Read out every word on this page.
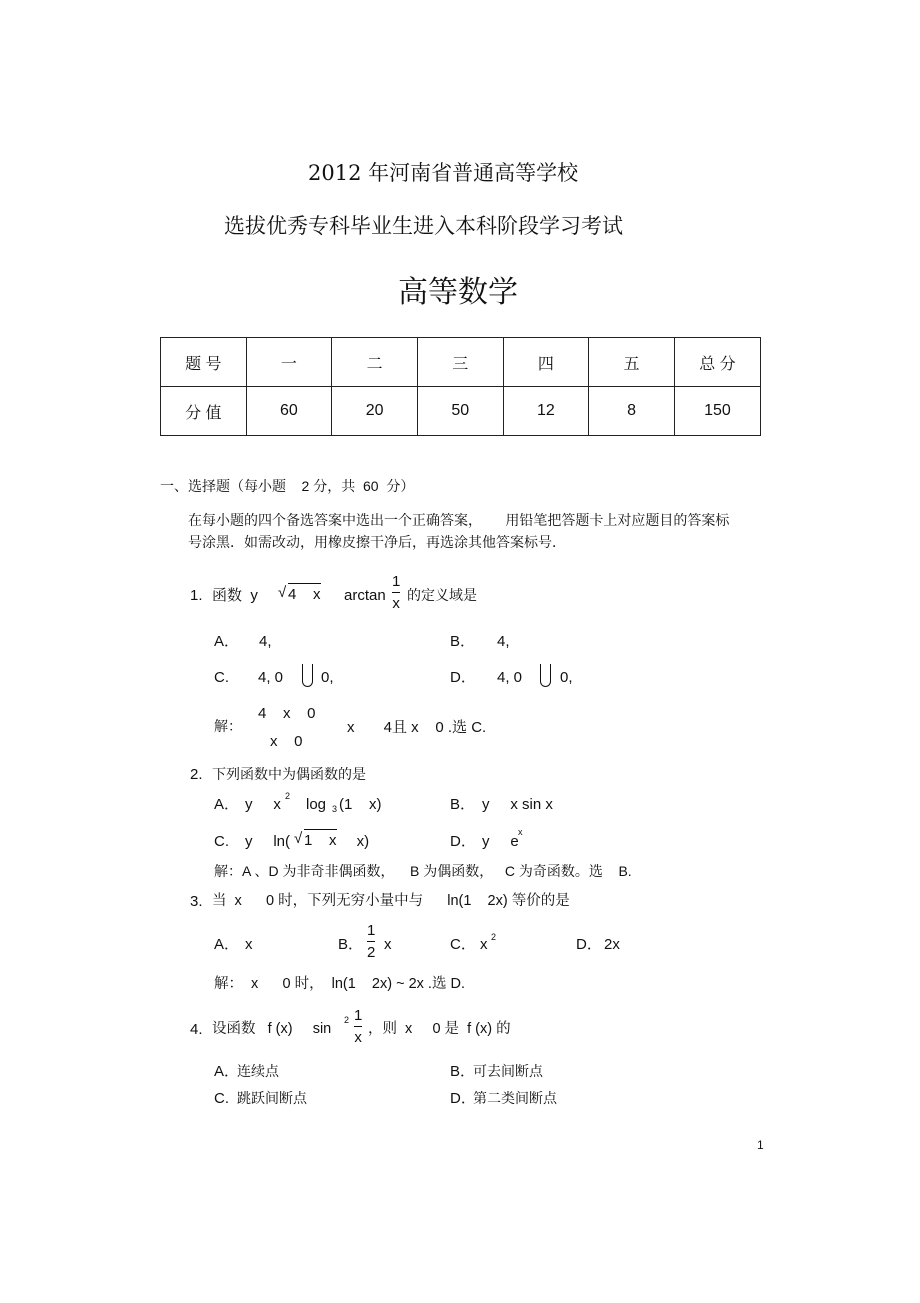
2012 年河南省普通高等学校
选拔优秀专科毕业生进入本科阶段学习考试
高等数学
题 号	一	二	三	四	五	总 分
分 值	60	20	50	12	8	150
一、选择题（每小题    2 分，共  60  分）
在每小题的四个备选答案中选出一个正确答案，      用铅笔把答题卡上对应题目的答案标
号涂黑．如需改动，用橡皮擦干净后，再选涂其他答案标号．
1. 函数  y √ 4    x arctan
1
x 的定义域是
A． 4,	B． 4,
C. 4, 0	0,	D． 4, 0	0,
解：
4    x    0
x    0
x       4且 x    0 .选 C.
2. 下列函数中为偶函数的是
A． y     x 2 log 3 (1    x)	B． y     x sin x
C. y     ln( √ 1    x x)	D． y     e
x
解：A 、D 为非奇非偶函数，    B 为偶函数，   C 为奇函数。选    B.
3. 当  x      0 时，下列无穷小量中与      ln(1    2x) 等价的是
A． x	B．
1
2 x	C． x 2	D． 2x
解：  x      0 时，  ln(1    2x) ~ 2x .选 D.
4. 设函数   f (x)     sin
2 1
x ，则  x     0 是  f (x) 的
A．
连续点	B．
可去间断点
C. 跳跃间断点	D．
第二类间断点
1
